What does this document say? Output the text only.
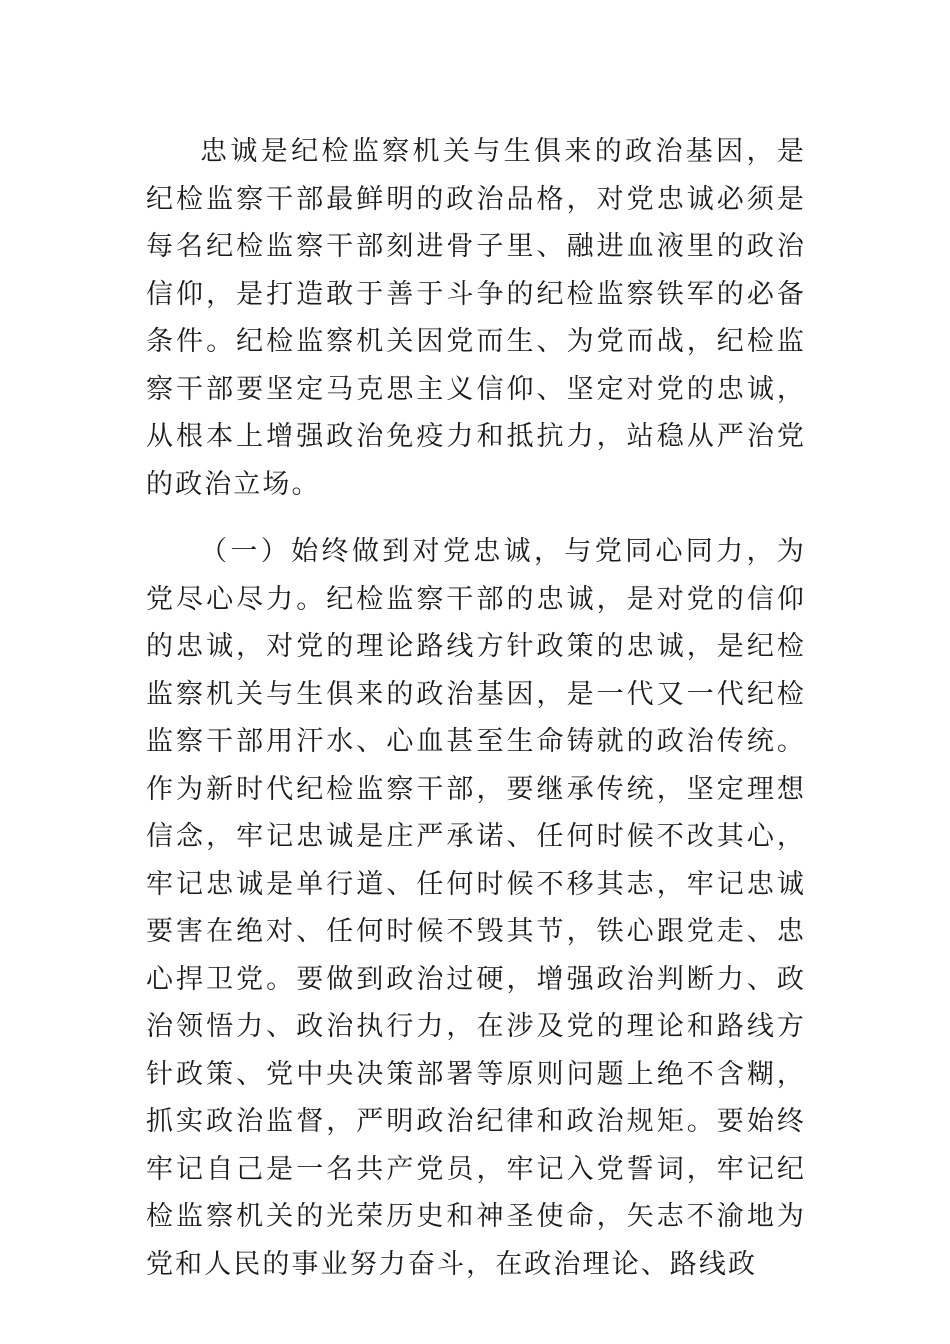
忠诚是纪检监察机关与生俱来的政治基因，是纪检监察干部最鲜明的政治品格，对党忠诚必须是每名纪检监察干部刻进骨子里、融进血液里的政治信仰，是打造敢于善于斗争的纪检监察铁军的必备条件。纪检监察机关因党而生、为党而战，纪检监察干部要坚定马克思主义信仰、坚定对党的忠诚，从根本上增强政治免疫力和抵抗力，站稳从严治党的政治立场。

（一）始终做到对党忠诚，与党同心同力，为党尽心尽力。纪检监察干部的忠诚，是对党的信仰的忠诚，对党的理论路线方针政策的忠诚，是纪检监察机关与生俱来的政治基因，是一代又一代纪检监察干部用汗水、心血甚至生命铸就的政治传统。作为新时代纪检监察干部，要继承传统，坚定理想信念，牢记忠诚是庄严承诺、任何时候不改其心，牢记忠诚是单行道、任何时候不移其志，牢记忠诚要害在绝对、任何时候不毁其节，铁心跟党走、忠心捍卫党。要做到政治过硬，增强政治判断力、政治领悟力、政治执行力，在涉及党的理论和路线方针政策、党中央决策部署等原则问题上绝不含糊，抓实政治监督，严明政治纪律和政治规矩。要始终牢记自己是一名共产党员，牢记入党誓词，牢记纪检监察机关的光荣历史和神圣使命，矢志不渝地为党和人民的事业努力奋斗，在政治理论、路线政
